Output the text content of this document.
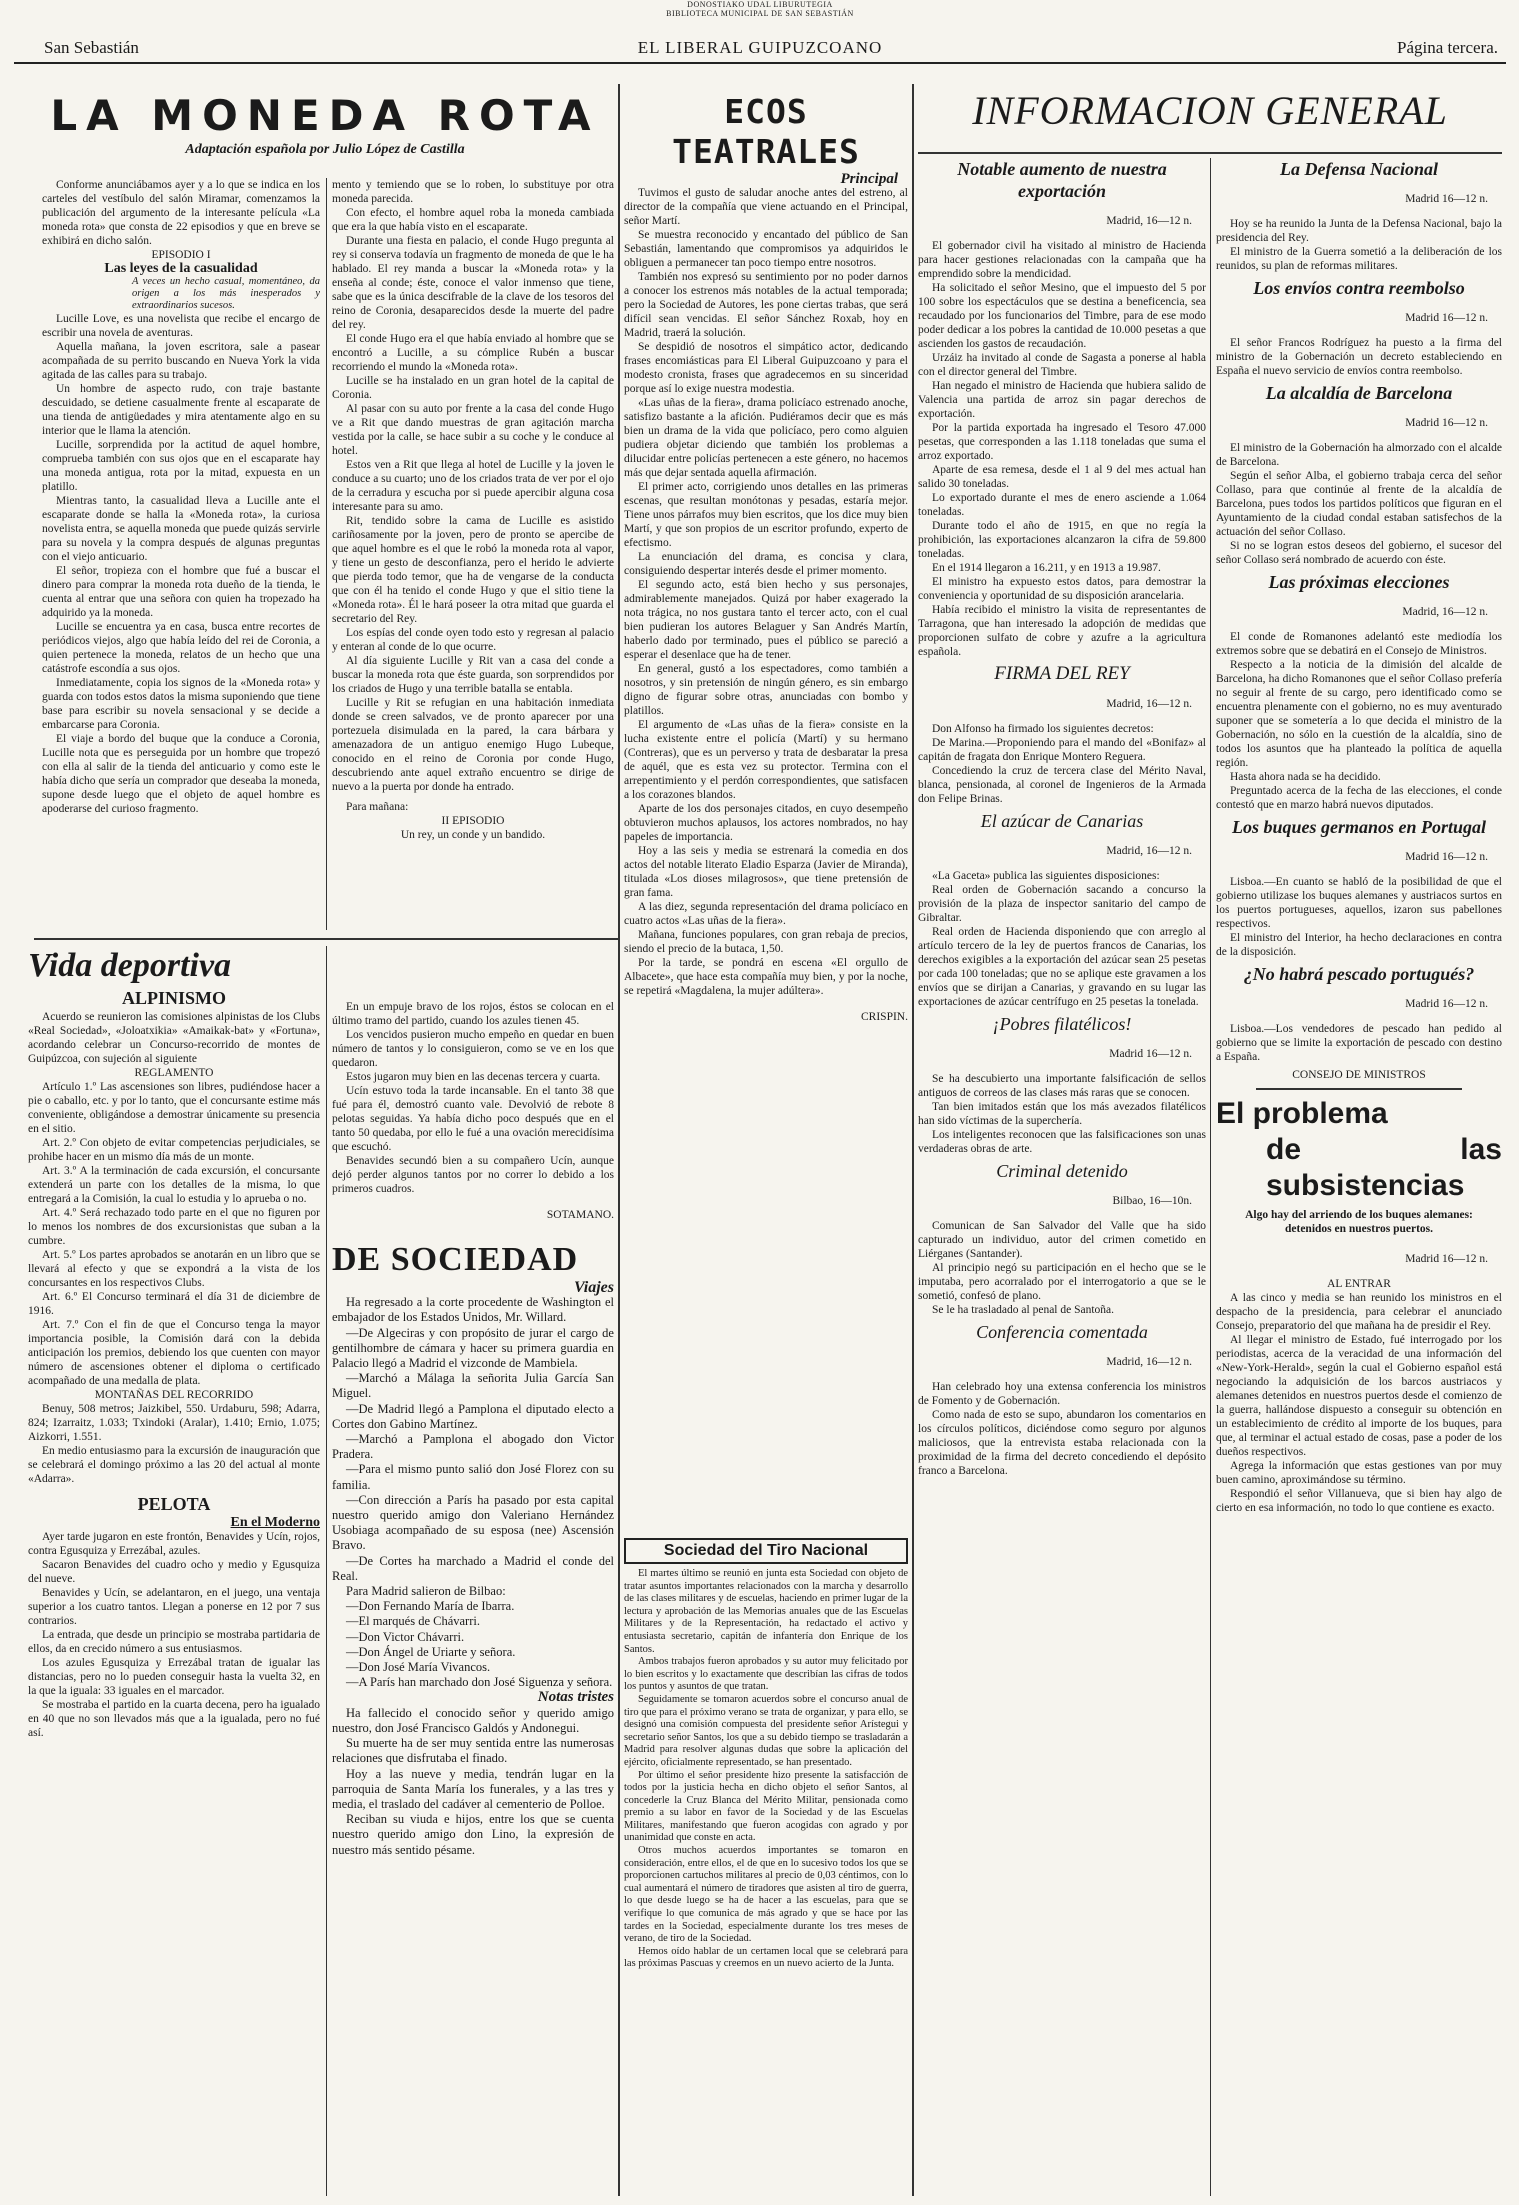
DONOSTIAKO UDAL LIBURUTEGIA
BIBLIOTECA MUNICIPAL DE SAN SEBASTIÁN
San Sebastián	EL LIBERAL GUIPUZCOANO	Página tercera.
LA MONEDA ROTA
Adaptación española por Julio López de Castilla

Conforme anunciábamos ayer y a lo que se indica en los carteles del vestíbulo del salón Miramar, comenzamos la publicación del argumento de la interesante película «La moneda rota» que consta de 22 episodios y que en breve se exhibirá en dicho salón.

EPISODIO I

Las leyes de la casualidad

A veces un hecho casual, momentáneo, da origen a los más inesperados y extraordinarios sucesos.

Lucille Love, es una novelista que recibe el encargo de escribir una novela de aventuras.

Aquella mañana, la joven escritora, sale a pasear acompañada de su perrito buscando en Nueva York la vida agitada de las calles para su trabajo.

Un hombre de aspecto rudo, con traje bastante descuidado, se detiene casualmente frente al escaparate de una tienda de antigüedades y mira atentamente algo en su interior que le llama la atención.

Lucille, sorprendida por la actitud de aquel hombre, comprueba también con sus ojos que en el escaparate hay una moneda antigua, rota por la mitad, expuesta en un platillo.

Mientras tanto, la casualidad lleva a Lucille ante el escaparate donde se halla la «Moneda rota», la curiosa novelista entra, se aquella moneda que puede quizás servirle para su novela y la compra después de algunas preguntas con el viejo anticuario.

El señor, tropieza con el hombre que fué a buscar el dinero para comprar la moneda rota dueño de la tienda, le cuenta al entrar que una señora con quien ha tropezado ha adquirido ya la moneda.

Lucille se encuentra ya en casa, busca entre recortes de periódicos viejos, algo que había leído del rei de Coronia, a quien pertenece la moneda, relatos de un hecho que una catástrofe escondía a sus ojos.

Inmediatamente, copia los signos de la «Moneda rota» y guarda con todos estos datos la misma suponiendo que tiene base para escribir su novela sensacional y se decide a embarcarse para Coronia.

El viaje a bordo del buque que la conduce a Coronia, Lucille nota que es perseguida por un hombre que tropezó con ella al salir de la tienda del anticuario y como este le había dicho que sería un comprador que deseaba la moneda, supone desde luego que el objeto de aquel hombre es apoderarse del curioso fragmento.

mento y temiendo que se lo roben, lo substituye por otra moneda parecida.

Con efecto, el hombre aquel roba la moneda cambiada que era la que había visto en el escaparate.

Durante una fiesta en palacio, el conde Hugo pregunta al rey si conserva todavía un fragmento de moneda de que le ha hablado. El rey manda a buscar la «Moneda rota» y la enseña al conde; éste, conoce el valor inmenso que tiene, sabe que es la única descifrable de la clave de los tesoros del reino de Coronia, desaparecidos desde la muerte del padre del rey.

El conde Hugo era el que había enviado al hombre que se encontró a Lucille, a su cómplice Rubén a buscar recorriendo el mundo la «Moneda rota».

Lucille se ha instalado en un gran hotel de la capital de Coronia.

Al pasar con su auto por frente a la casa del conde Hugo ve a Rit que dando muestras de gran agitación marcha vestida por la calle, se hace subir a su coche y le conduce al hotel.

Estos ven a Rit que llega al hotel de Lucille y la joven le conduce a su cuarto; uno de los criados trata de ver por el ojo de la cerradura y escucha por si puede apercibir alguna cosa interesante para su amo.

Rit, tendido sobre la cama de Lucille es asistido cariñosamente por la joven, pero de pronto se apercibe de que aquel hombre es el que le robó la moneda rota al vapor, y tiene un gesto de desconfianza, pero el herido le advierte que pierda todo temor, que ha de vengarse de la conducta que con él ha tenido el conde Hugo y que el sitio tiene la «Moneda rota». Él le hará poseer la otra mitad que guarda el secretario del Rey.

Los espías del conde oyen todo esto y regresan al palacio y enteran al conde de lo que ocurre.

Al día siguiente Lucille y Rit van a casa del conde a buscar la moneda rota que éste guarda, son sorprendidos por los criados de Hugo y una terrible batalla se entabla.

Lucille y Rit se refugian en una habitación inmediata donde se creen salvados, ve de pronto aparecer por una portezuela disimulada en la pared, la cara bárbara y amenazadora de un antiguo enemigo Hugo Lubeque, conocido en el reino de Coronia por conde Hugo, descubriendo ante aquel extraño encuentro se dirige de nuevo a la puerta por donde ha entrado.

Para mañana:

II EPISODIO

Un rey, un conde y un bandido.

Vida deportiva

ALPINISMO

Acuerdo se reunieron las comisiones alpinistas de los Clubs «Real Sociedad», «Joloatxikia» «Amaikak-bat» y «Fortuna», acordando celebrar un Concurso-recorrido de montes de Guipúzcoa, con sujeción al siguiente

REGLAMENTO

Artículo 1.º Las ascensiones son libres, pudiéndose hacer a pie o caballo, etc. y por lo tanto, que el concursante estime más conveniente, obligándose a demostrar únicamente su presencia en el sitio.

Art. 2.º Con objeto de evitar competencias perjudiciales, se prohibe hacer en un mismo día más de un monte.

Art. 3.º A la terminación de cada excursión, el concursante extenderá un parte con los detalles de la misma, lo que entregará a la Comisión, la cual lo estudia y lo aprueba o no.

Art. 4.º Será rechazado todo parte en el que no figuren por lo menos los nombres de dos excursionistas que suban a la cumbre.

Art. 5.º Los partes aprobados se anotarán en un libro que se llevará al efecto y que se expondrá a la vista de los concursantes en los respectivos Clubs.

Art. 6.º El Concurso terminará el día 31 de diciembre de 1916.

Art. 7.º Con el fin de que el Concurso tenga la mayor importancia posible, la Comisión dará con la debida anticipación los premios, debiendo los que cuenten con mayor número de ascensiones obtener el diploma o certificado acompañado de una medalla de plata.

MONTAÑAS DEL RECORRIDO

Benuy, 508 metros; Jaizkibel, 550. Urdaburu, 598; Adarra, 824; Izarraitz, 1.033; Txindoki (Aralar), 1.410; Ernio, 1.075; Aizkorri, 1.551.

En medio entusiasmo para la excursión de inauguración que se celebrará el domingo próximo a las 20 del actual al monte «Adarra».

PELOTA

En el Moderno

Ayer tarde jugaron en este frontón, Benavides y Ucín, rojos, contra Egusquiza y Errezábal, azules.

Sacaron Benavides del cuadro ocho y medio y Egusquiza del nueve.

Benavides y Ucín, se adelantaron, en el juego, una ventaja superior a los cuatro tantos. Llegan a ponerse en 12 por 7 sus contrarios.

La entrada, que desde un principio se mostraba partidaria de ellos, da en crecido número a sus entusiasmos.

Los azules Egusquiza y Errezábal tratan de igualar las distancias, pero no lo pueden conseguir hasta la vuelta 32, en la que la iguala: 33 iguales en el marcador.

Se mostraba el partido en la cuarta decena, pero ha igualado en 40 que no son llevados más que a la igualada, pero no fué así.

En un empuje bravo de los rojos, éstos se colocan en el último tramo del partido, cuando los azules tienen 45.

Los vencidos pusieron mucho empeño en quedar en buen número de tantos y lo consiguieron, como se ve en los que quedaron.

Estos jugaron muy bien en las decenas tercera y cuarta.

Ucín estuvo toda la tarde incansable. En el tanto 38 que fué para él, demostró cuanto vale. Devolvió de rebote 8 pelotas seguidas. Ya había dicho poco después que en el tanto 50 quedaba, por ello le fué a una ovación merecidísima que escuchó.

Benavides secundó bien a su compañero Ucín, aunque dejó perder algunos tantos por no correr lo debido a los primeros cuadros.

SOTAMANO.

DE SOCIEDAD

Viajes

Ha regresado a la corte procedente de Washington el embajador de los Estados Unidos, Mr. Willard.

—De Algeciras y con propósito de jurar el cargo de gentilhombre de cámara y hacer su primera guardia en Palacio llegó a Madrid el vizconde de Mambiela.

—Marchó a Málaga la señorita Julia García San Miguel.

—De Madrid llegó a Pamplona el diputado electo a Cortes don Gabino Martínez.

—Marchó a Pamplona el abogado don Victor Pradera.

—Para el mismo punto salió don José Florez con su familia.

—Con dirección a París ha pasado por esta capital nuestro querido amigo don Valeriano Hernández Usobiaga acompañado de su esposa (nee) Ascensión Bravo.

—De Cortes ha marchado a Madrid el conde del Real.

Para Madrid salieron de Bilbao:

—Don Fernando María de Ibarra.

—El marqués de Chávarri.

—Don Victor Chávarri.

—Don Ángel de Uriarte y señora.

—Don José María Vivancos.

—A París han marchado don José Siguenza y señora.

Notas tristes

Ha fallecido el conocido señor y querido amigo nuestro, don José Francisco Galdós y Andonegui.

Su muerte ha de ser muy sentida entre las numerosas relaciones que disfrutaba el finado.

Hoy a las nueve y media, tendrán lugar en la parroquia de Santa María los funerales, y a las tres y media, el traslado del cadáver al cementerio de Polloe.

Reciban su viuda e hijos, entre los que se cuenta nuestro querido amigo don Lino, la expresión de nuestro más sentido pésame.

ECOS TEATRALES

Principal

Tuvimos el gusto de saludar anoche antes del estreno, al director de la compañía que viene actuando en el Principal, señor Martí.

Se muestra reconocido y encantado del público de San Sebastián, lamentando que compromisos ya adquiridos le obliguen a permanecer tan poco tiempo entre nosotros.

También nos expresó su sentimiento por no poder darnos a conocer los estrenos más notables de la actual temporada; pero la Sociedad de Autores, les pone ciertas trabas, que será difícil sean vencidas. El señor Sánchez Roxab, hoy en Madrid, traerá la solución.

Se despidió de nosotros el simpático actor, dedicando frases encomiásticas para El Liberal Guipuzcoano y para el modesto cronista, frases que agradecemos en su sinceridad porque así lo exige nuestra modestia.

«Las uñas de la fiera», drama policíaco estrenado anoche, satisfizo bastante a la afición. Pudiéramos decir que es más bien un drama de la vida que policíaco, pero como alguien pudiera objetar diciendo que también los problemas a dilucidar entre policías pertenecen a este género, no hacemos más que dejar sentada aquella afirmación.

El primer acto, corrigiendo unos detalles en las primeras escenas, que resultan monótonas y pesadas, estaría mejor. Tiene unos párrafos muy bien escritos, que los dice muy bien Martí, y que son propios de un escritor profundo, experto de efectismo.

La enunciación del drama, es concisa y clara, consiguiendo despertar interés desde el primer momento.

El segundo acto, está bien hecho y sus personajes, admirablemente manejados. Quizá por haber exagerado la nota trágica, no nos gustara tanto el tercer acto, con el cual bien pudieran los autores Belaguer y San Andrés Martín, haberlo dado por terminado, pues el público se pareció a esperar el desenlace que ha de tener.

En general, gustó a los espectadores, como también a nosotros, y sin pretensión de ningún género, es sin embargo digno de figurar sobre otras, anunciadas con bombo y platillos.

El argumento de «Las uñas de la fiera» consiste en la lucha existente entre el policía (Martí) y su hermano (Contreras), que es un perverso y trata de desbaratar la presa de aquél, que es esta vez su protector. Termina con el arrepentimiento y el perdón correspondientes, que satisfacen a los corazones blandos.

Aparte de los dos personajes citados, en cuyo desempeño obtuvieron muchos aplausos, los actores nombrados, no hay papeles de importancia.

Hoy a las seis y media se estrenará la comedia en dos actos del notable literato Eladio Esparza (Javier de Miranda), titulada «Los dioses milagrosos», que tiene pretensión de gran fama.

A las diez, segunda representación del drama policíaco en cuatro actos «Las uñas de la fiera».

Mañana, funciones populares, con gran rebaja de precios, siendo el precio de la butaca, 1,50.

Por la tarde, se pondrá en escena «El orgullo de Albacete», que hace esta compañía muy bien, y por la noche, se repetirá «Magdalena, la mujer adúltera».

CRISPIN.

Sociedad del Tiro Nacional

El martes último se reunió en junta esta Sociedad con objeto de tratar asuntos importantes relacionados con la marcha y desarrollo de las clases militares y de escuelas, haciendo en primer lugar de la lectura y aprobación de las Memorias anuales que de las Escuelas Militares y de la Representación, ha redactado el activo y entusiasta secretario, capitán de infantería don Enrique de los Santos.

Ambos trabajos fueron aprobados y su autor muy felicitado por lo bien escritos y lo exactamente que describían las cifras de todos los puntos y asuntos de que tratan.

Seguidamente se tomaron acuerdos sobre el concurso anual de tiro que para el próximo verano se trata de organizar, y para ello, se designó una comisión compuesta del presidente señor Arístegui y secretario señor Santos, los que a su debido tiempo se trasladarán a Madrid para resolver algunas dudas que sobre la aplicación del ejército, oficialmente representado, se han presentado.

Por último el señor presidente hizo presente la satisfacción de todos por la justicia hecha en dicho objeto el señor Santos, al concederle la Cruz Blanca del Mérito Militar, pensionada como premio a su labor en favor de la Sociedad y de las Escuelas Militares, manifestando que fueron acogidas con agrado y por unanimidad que conste en acta.

Otros muchos acuerdos importantes se tomaron en consideración, entre ellos, el de que en lo sucesivo todos los que se proporcionen cartuchos militares al precio de 0,03 céntimos, con lo cual aumentará el número de tiradores que asisten al tiro de guerra, lo que desde luego se ha de hacer a las escuelas, para que se verifique lo que comunica de más agrado y que se hace por las tardes en la Sociedad, especialmente durante los tres meses de verano, de tiro de la Sociedad.

Hemos oído hablar de un certamen local que se celebrará para las próximas Pascuas y creemos en un nuevo acierto de la Junta.

INFORMACION GENERAL
Notable aumento de nuestra exportación

Madrid, 16—12 n.

El gobernador civil ha visitado al ministro de Hacienda para hacer gestiones relacionadas con la campaña que ha emprendido sobre la mendicidad.

Ha solicitado el señor Mesino, que el impuesto del 5 por 100 sobre los espectáculos que se destina a beneficencia, sea recaudado por los funcionarios del Timbre, para de ese modo poder dedicar a los pobres la cantidad de 10.000 pesetas a que ascienden los gastos de recaudación.

Urzáiz ha invitado al conde de Sagasta a ponerse al habla con el director general del Timbre.

Han negado el ministro de Hacienda que hubiera salido de Valencia una partida de arroz sin pagar derechos de exportación.

Por la partida exportada ha ingresado el Tesoro 47.000 pesetas, que corresponden a las 1.118 toneladas que suma el arroz exportado.

Aparte de esa remesa, desde el 1 al 9 del mes actual han salido 30 toneladas.

Lo exportado durante el mes de enero asciende a 1.064 toneladas.

Durante todo el año de 1915, en que no regía la prohibición, las exportaciones alcanzaron la cifra de 59.800 toneladas.

En el 1914 llegaron a 16.211, y en 1913 a 19.987.

El ministro ha expuesto estos datos, para demostrar la conveniencia y oportunidad de su disposición arancelaria.

Había recibido el ministro la visita de representantes de Tarragona, que han interesado la adopción de medidas que proporcionen sulfato de cobre y azufre a la agricultura española.

FIRMA DEL REY

Madrid, 16—12 n.

Don Alfonso ha firmado los siguientes decretos:

De Marina.—Proponiendo para el mando del «Bonifaz» al capitán de fragata don Enrique Montero Reguera.

Concediendo la cruz de tercera clase del Mérito Naval, blanca, pensionada, al coronel de Ingenieros de la Armada don Felipe Brinas.

El azúcar de Canarias

Madrid, 16—12 n.

«La Gaceta» publica las siguientes disposiciones:

Real orden de Gobernación sacando a concurso la provisión de la plaza de inspector sanitario del campo de Gibraltar.

Real orden de Hacienda disponiendo que con arreglo al artículo tercero de la ley de puertos francos de Canarias, los derechos exigibles a la exportación del azúcar sean 25 pesetas por cada 100 toneladas; que no se aplique este gravamen a los envíos que se dirijan a Canarias, y gravando en su lugar las exportaciones de azúcar centrífugo en 25 pesetas la tonelada.

¡Pobres filatélicos!

Madrid 16—12 n.

Se ha descubierto una importante falsificación de sellos antiguos de correos de las clases más raras que se conocen.

Tan bien imitados están que los más avezados filatélicos han sido víctimas de la superchería.

Los inteligentes reconocen que las falsificaciones son unas verdaderas obras de arte.

Criminal detenido

Bilbao, 16—10n.

Comunican de San Salvador del Valle que ha sido capturado un individuo, autor del crimen cometido en Liérganes (Santander).

Al principio negó su participación en el hecho que se le imputaba, pero acorralado por el interrogatorio a que se le sometió, confesó de plano.

Se le ha trasladado al penal de Santoña.

Conferencia comentada

Madrid, 16—12 n.

Han celebrado hoy una extensa conferencia los ministros de Fomento y de Gobernación.

Como nada de esto se supo, abundaron los comentarios en los círculos políticos, diciéndose como seguro por algunos maliciosos, que la entrevista estaba relacionada con la proximidad de la firma del decreto concediendo el depósito franco a Barcelona.

La Defensa Nacional

Madrid 16—12 n.

Hoy se ha reunido la Junta de la Defensa Nacional, bajo la presidencia del Rey.

El ministro de la Guerra sometió a la deliberación de los reunidos, su plan de reformas militares.

Los envíos contra reembolso

Madrid 16—12 n.

El señor Francos Rodríguez ha puesto a la firma del ministro de la Gobernación un decreto estableciendo en España el nuevo servicio de envíos contra reembolso.

La alcaldía de Barcelona

Madrid 16—12 n.

El ministro de la Gobernación ha almorzado con el alcalde de Barcelona.

Según el señor Alba, el gobierno trabaja cerca del señor Collaso, para que continúe al frente de la alcaldía de Barcelona, pues todos los partidos políticos que figuran en el Ayuntamiento de la ciudad condal estaban satisfechos de la actuación del señor Collaso.

Si no se logran estos deseos del gobierno, el sucesor del señor Collaso será nombrado de acuerdo con éste.

Las próximas elecciones

Madrid, 16—12 n.

El conde de Romanones adelantó este mediodía los extremos sobre que se debatirá en el Consejo de Ministros.

Respecto a la noticia de la dimisión del alcalde de Barcelona, ha dicho Romanones que el señor Collaso prefería no seguir al frente de su cargo, pero identificado como se encuentra plenamente con el gobierno, no es muy aventurado suponer que se sometería a lo que decida el ministro de la Gobernación, no sólo en la cuestión de la alcaldía, sino de todos los asuntos que ha planteado la política de aquella región.

Hasta ahora nada se ha decidido.

Preguntado acerca de la fecha de las elecciones, el conde contestó que en marzo habrá nuevos diputados.

Los buques germanos en Portugal

Madrid 16—12 n.

Lisboa.—En cuanto se habló de la posibilidad de que el gobierno utilizase los buques alemanes y austriacos surtos en los puertos portugueses, aquellos, izaron sus pabellones respectivos.

El ministro del Interior, ha hecho declaraciones en contra de la disposición.

¿No habrá pescado portugués?

Madrid 16—12 n.

Lisboa.—Los vendedores de pescado han pedido al gobierno que se limite la exportación de pescado con destino a España.

CONSEJO DE MINISTROS

El problema
de las subsistencias

Algo hay del arriendo de los buques alemanes: detenidos en nuestros puertos.

Madrid 16—12 n.

AL ENTRAR

A las cinco y media se han reunido los ministros en el despacho de la presidencia, para celebrar el anunciado Consejo, preparatorio del que mañana ha de presidir el Rey.

Al llegar el ministro de Estado, fué interrogado por los periodistas, acerca de la veracidad de una información del «New-York-Herald», según la cual el Gobierno español está negociando la adquisición de los barcos austriacos y alemanes detenidos en nuestros puertos desde el comienzo de la guerra, hallándose dispuesto a conseguir su obtención en un establecimiento de crédito al importe de los buques, para que, al terminar el actual estado de cosas, pase a poder de los dueños respectivos.

Agrega la información que estas gestiones van por muy buen camino, aproximándose su término.

Respondió el señor Villanueva, que si bien hay algo de cierto en esa información, no todo lo que contiene es exacto.
